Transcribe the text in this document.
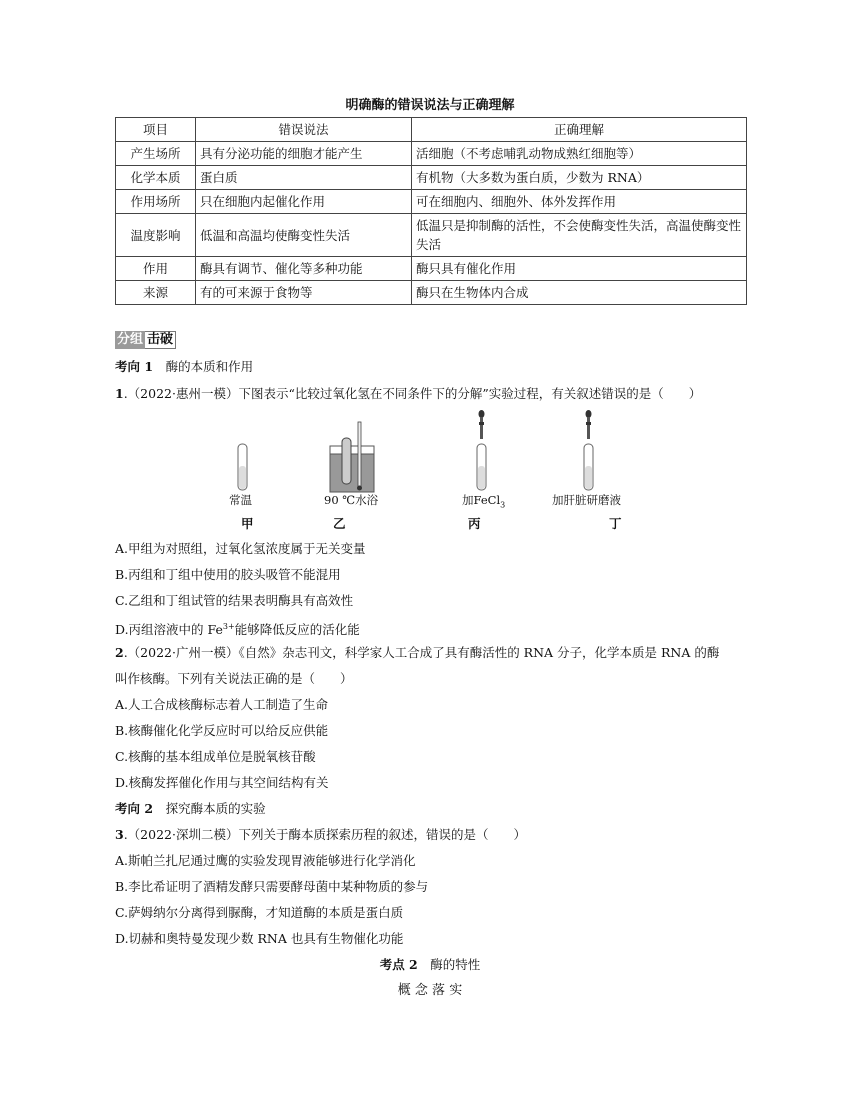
明确酶的错误说法与正确理解
项目	错误说法	正确理解
产生场所	具有分泌功能的细胞才能产生	活细胞（不考虑哺乳动物成熟红细胞等）
化学本质	蛋白质	有机物（大多数为蛋白质，少数为 RNA）
作用场所	只在细胞内起催化作用	可在细胞内、细胞外、体外发挥作用
温度影响	低温和高温均使酶变性失活	低温只是抑制酶的活性，不会使酶变性失活，高温使酶变性失活
作用	酶具有调节、催化等多种功能	酶只具有催化作用
来源	有的可来源于食物等	酶只在生物体内合成
分组 击破
考向 1　 酶的本质和作用
1.（2022·惠州一模）下图表示“比较过氧化氢在不同条件下的分解”实验过程，有关叙述错误的是（　　）
常温	90 ℃水浴	加FeCl$_3$	加肝脏研磨液
甲	乙	丙	丁
A.甲组为对照组，过氧化氢浓度属于无关变量
B.丙组和丁组中使用的胶头吸管不能混用
C.乙组和丁组试管的结果表明酶具有高效性
D.丙组溶液中的 $Fe^{3+}$能够降低反应的活化能
2.（2022·广州一模）《自然》杂志刊文，科学家人工合成了具有酶活性的 RNA 分子，化学本质是 RNA 的酶
叫作核酶。下列有关说法正确的是（　　）
A.人工合成核酶标志着人工制造了生命
B.核酶催化化学反应时可以给反应供能
C.核酶的基本组成单位是脱氧核苷酸
D.核酶发挥催化作用与其空间结构有关
考向 2　 探究酶本质的实验
3.（2022·深圳二模）下列关于酶本质探索历程的叙述，错误的是（　　）
A.斯帕兰扎尼通过鹰的实验发现胃液能够进行化学消化
B.李比希证明了酒精发酵只需要酵母菌中某种物质的参与
C.萨姆纳尔分离得到脲酶，才知道酶的本质是蛋白质
D.切赫和奥特曼发现少数 RNA 也具有生物催化功能
考点 2　 酶的特性
概 念 落 实
